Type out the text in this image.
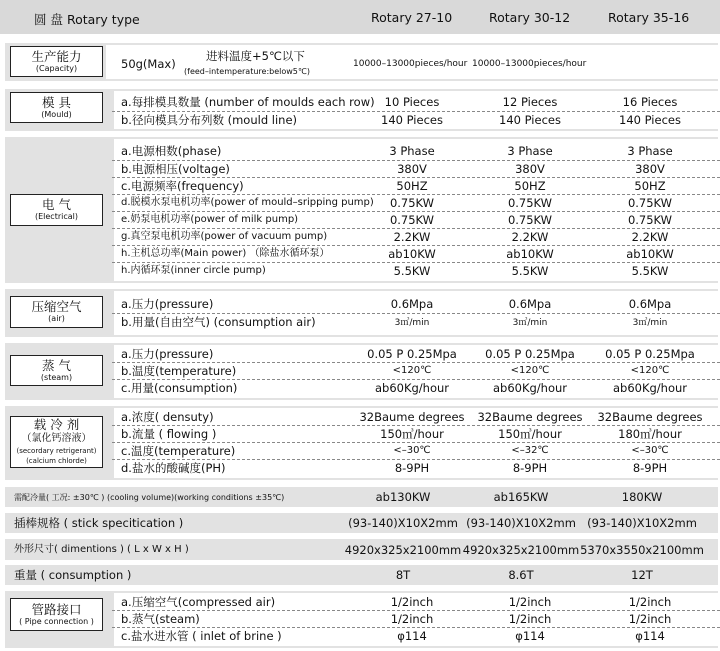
圆 盘 Rotary type	Rotary 27-10	Rotary 30-12	Rotary 35-16
生产能力
(Capacity)	50g(Max)
进料温度+5℃以下
(feed–intemperature:below5℃)
10000–13000pieces/hour 10000–13000pieces/hour
模 具
(Mould)
a.每排模具数量 (number of moulds each row) 10 Pieces	12 Pieces	16 Pieces
b.径向模具分布列数 (mould line)	140 Pieces	140 Pieces	140 Pieces
电 气
(Electrical)
a.电源相数(phase)	3 Phase	3 Phase	3 Phase
b.电源相压(voltage)	380V	380V	380V
c.电源频率(frequency)	50HZ	50HZ	50HZ
d.脱模水泵电机功率(power of mould–sripping pump) 0.75KW	0.75KW	0.75KW
e.奶泵电机功率(power of milk pump)	0.75KW	0.75KW	0.75KW
g.真空泵电机功率(power of vacuum pump)	2.2KW	2.2KW	2.2KW
h.主机总功率(Main power) （除盐水循环泵）	ab10KW	ab10KW	ab10KW
h.内循环泵(inner circle pump)	5.5KW	5.5KW	5.5KW
压缩空气
(air)
a.压力(pressure)	0.6Mpa	0.6Mpa	0.6Mpa
b.用量(自由空气) (consumption air)	3㎥/min	3㎥/min	3㎥/min
蒸 气
(steam)
a.压力(pressure)	0.05 P 0.25Mpa 0.05 P 0.25Mpa	0.05 P 0.25Mpa
b.温度(temperature)	<120℃	<120℃	<120℃
c.用量(consumption)	ab60Kg/hour	ab60Kg/hour	ab60Kg/hour
载 冷 剂
（氯化钙溶液）
(secordary retrigerant)
(calcium chlorde)
a.浓度( densuty)	32Baume degrees 32Baume degrees 32Baume degrees
b.流量 ( flowing )	150㎥/hour	150㎥/hour	180㎥/hour
c.温度(temperature)	<–30℃	<–32℃	<–30℃
d.盐水的酸碱度(PH)	8-9PH	8-9PH	8-9PH
需配冷量( 工况: ±30℃ ) (cooling volume)(working conditions ±35℃)	ab130KW	ab165KW	180KW
插棒规格 ( stick specitication )	(93-140)X10X2mm (93-140)X10X2mm (93-140)X10X2mm
外形尺寸( dimentions ) ( L x W x H )	4920x325x2100mm 4920x325x2100mm 5370x3550x2100mm
重量 ( consumption )	8T	8.6T	12T
管路接口
( Pipe connection )
a.压缩空气(compressed air)	1/2inch	1/2inch	1/2inch
b.蒸气(steam)	1/2inch	1/2inch	1/2inch
c.盐水进水管 ( inlet of brine )	φ114	φ114	φ114
